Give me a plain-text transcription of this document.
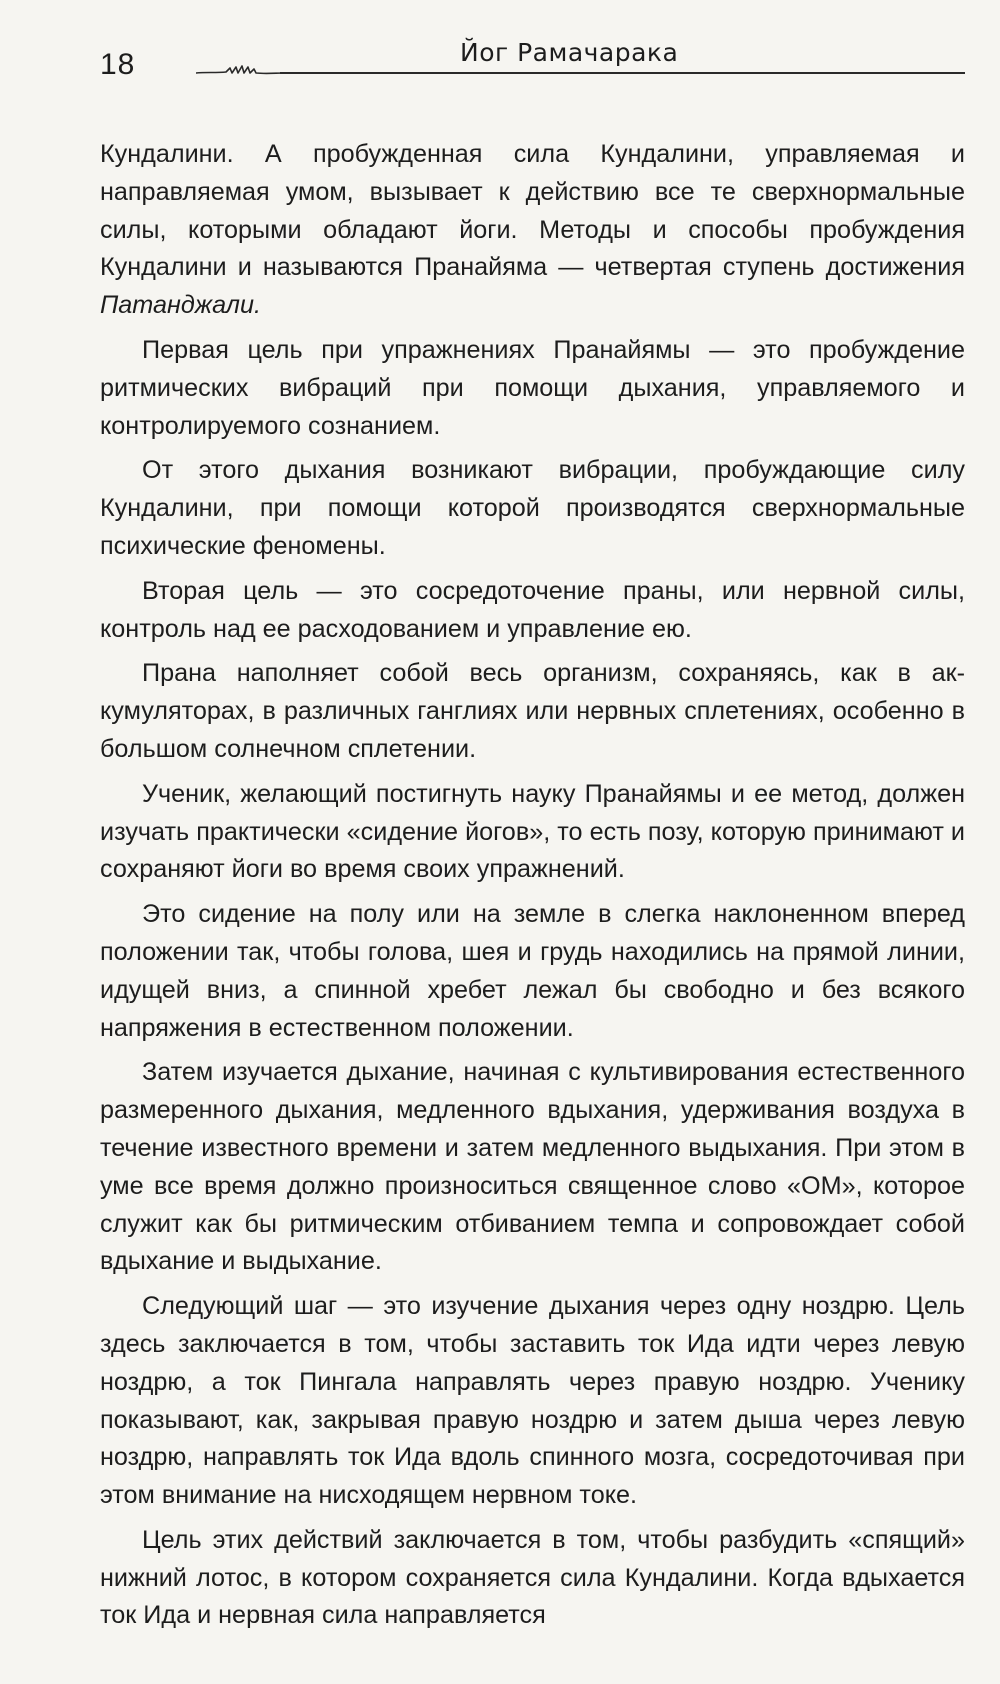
18	Йог Рамачарака

Кундалини. А пробужденная сила Кундалини, управляемая и направляемая умом, вызывает к действию все те сверхнормальные силы, которыми обладают йоги. Методы и способы пробуждения Кундалини и называются Пранайяма — четвертая ступень достижения Патанджали.

Первая цель при упражнениях Пранайямы — это пробуждение ритмических вибраций при помощи дыхания, управляемого и контролируемого сознанием.

От этого дыхания возникают вибрации, пробуждающие силу Кундалини, при помощи которой производятся сверхнормальные психические феномены.

Вторая цель — это сосредоточение праны, или нервной силы, контроль над ее расходованием и управление ею.

Прана наполняет собой весь организм, сохраняясь, как в аккумуляторах, в различных ганглиях или нервных сплетениях, особенно в большом солнечном сплетении.

Ученик, желающий постигнуть науку Пранайямы и ее метод, должен изучать практически «сидение йогов», то есть позу, которую принимают и сохраняют йоги во время своих упражнений.

Это сидение на полу или на земле в слегка наклоненном вперед положении так, чтобы голова, шея и грудь находились на прямой линии, идущей вниз, а спинной хребет лежал бы свободно и без всякого напряжения в естественном положении.

Затем изучается дыхание, начиная с культивирования естественного размеренного дыхания, медленного вдыхания, удерживания воздуха в течение известного времени и затем медленного выдыхания. При этом в уме все время должно произноситься священное слово «ОМ», которое служит как бы ритмическим отбиванием темпа и сопровождает собой вдыхание и выдыхание.

Следующий шаг — это изучение дыхания через одну ноздрю. Цель здесь заключается в том, чтобы заставить ток Ида идти через левую ноздрю, а ток Пингала направлять через правую ноздрю. Ученику показывают, как, закрывая правую ноздрю и затем дыша через левую ноздрю, направлять ток Ида вдоль спинного мозга, сосредоточивая при этом внимание на нисходящем нервном токе.

Цель этих действий заключается в том, чтобы разбудить «спящий» нижний лотос, в котором сохраняется сила Кундалини. Когда вдыхается ток Ида и нервная сила направляется
